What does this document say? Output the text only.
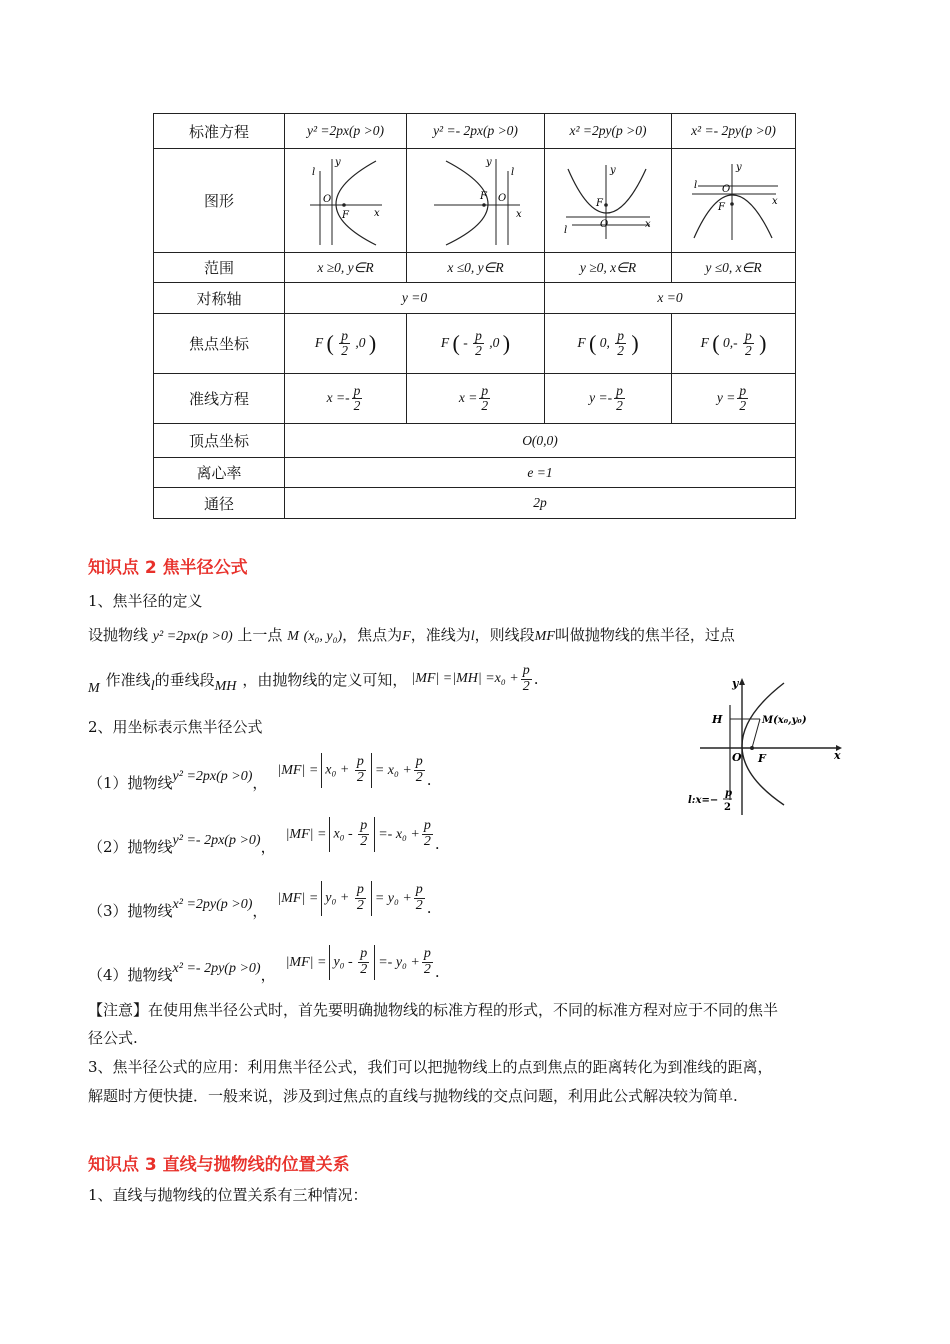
标准方程	y² =2px(p >0)	y² =- 2px(p >0)	x² =2py(p >0)	x² =- 2py(p >0)
图形	l
y
x
O
F	l
y
x
O
F	l
y
x
O
F	l
y
x
O
F

范围	x ≥0, y∈R	x ≤0, y∈R	y ≥0, x∈R	y ≤0, x∈R
对称轴	y =0		x =0	
焦点坐标	F ( $\frac{p}{2} ,0$ )	F ( - $\frac{p}{2} ,0$ )	F ( 0, $\frac{p}{2}$ )	F ( $0,- \frac{p}{2}$ )
准线方程	$x =- \frac{p}{2}$	$x = \frac{p}{2}$	$y =- \frac{p}{2}$	$y = \frac{p}{2}$

顶点坐标	O(0,0)			
离心率	e =1			
通径	2p			
知识点 2 焦半径公式
1、焦半径的定义
设抛物线 y² =2px(p >0) 上一点 M (x₀, y₀)，焦点为F，准线为l，则线段MF叫做抛物线的焦半径，过点
M 作准线 l 的垂线段 MH ，由抛物线的定义可知， $|MF| =|MH| =x_0 + \frac{p}{2}$ .	y
x
H	M(x₀,y₀)
O F
l:x=−
p
2
2、用坐标表示焦半径公式
（1）抛物线 y² =2px(p >0) ，
$|MF| = x_0 + \frac{p}{2} = x_0 + \frac{p}{2}$ .
（2）抛物线 y² =- 2px(p >0) ，
$|MF| = x_0 - \frac{p}{2} =- x_0 + \frac{p}{2}$ .
（3）抛物线 x² =2py(p >0) ，
$|MF| = y_0 + \frac{p}{2} = y_0 + \frac{p}{2}$ .
（4）抛物线 x² =- 2py(p >0) ，
$|MF| = y_0 - \frac{p}{2} =- y_0 + \frac{p}{2}$ .
【注意】在使用焦半径公式时，首先要明确抛物线的标准方程的形式，不同的标准方程对应于不同的焦半
径公式.
3、焦半径公式的应用：利用焦半径公式，我们可以把抛物线上的点到焦点的距离转化为到准线的距离，
解题时方便快捷．一般来说，涉及到过焦点的直线与抛物线的交点问题，利用此公式解决较为简单.
知识点 3 直线与抛物线的位置关系
1、直线与抛物线的位置关系有三种情况：
